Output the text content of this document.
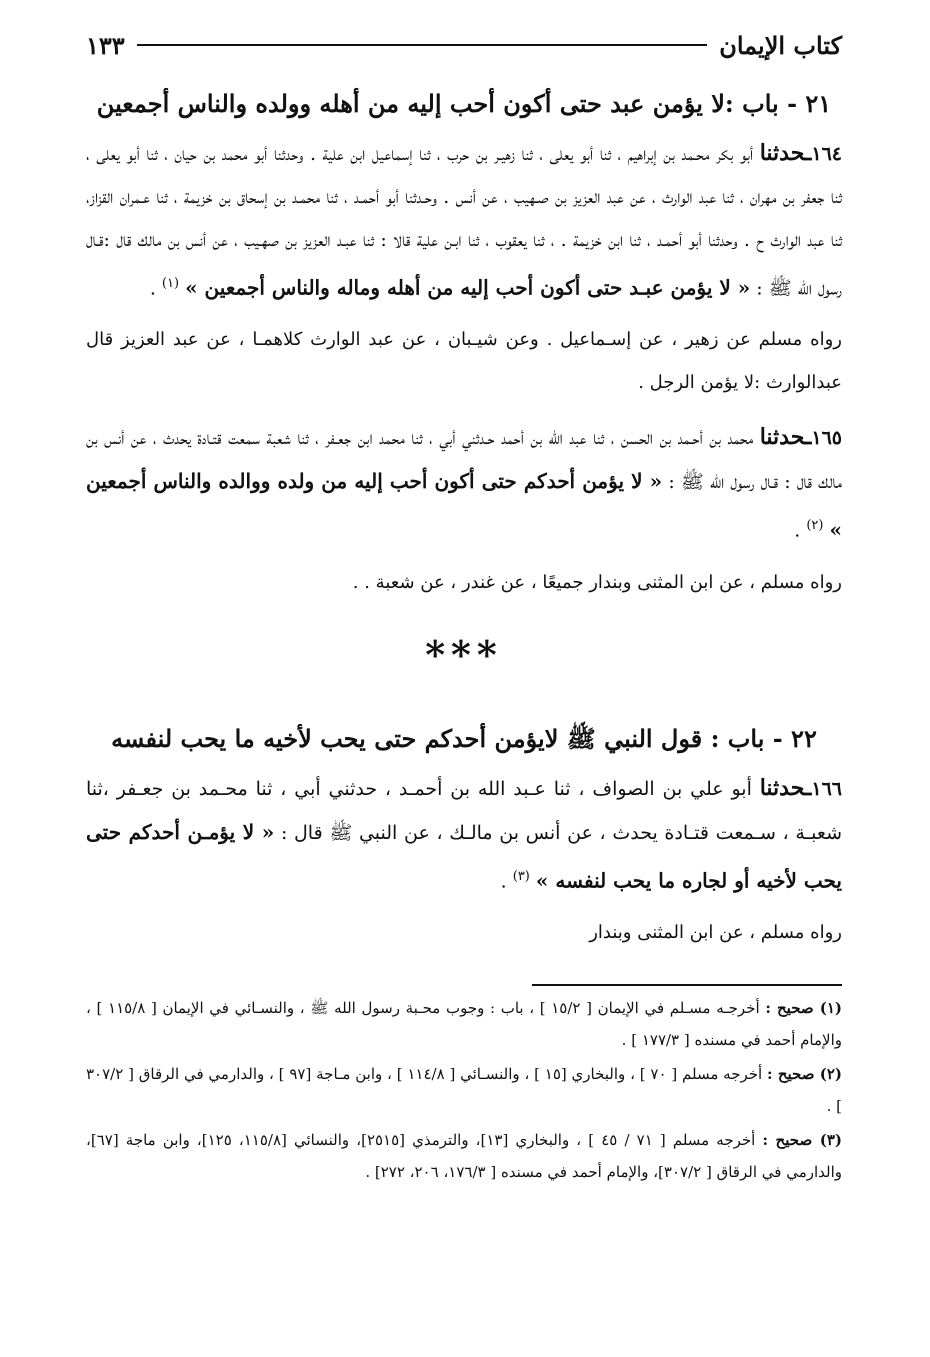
كتاب الإيمان
١٣٣
٢١ - باب :لا يؤمن عبد حتى أكون أحب إليه من أهله وولده والناس أجمعين

١٦٤ـحدثنا أبو بكر محـمد بن إبراهيم ، ثنا أبو يعلى ، ثنا زهيـر بن حرب ، ثنا إسماعيل ابن علية . وحدثنا أبو محمد بن حيان ، ثنا أبو يعلى ، ثنا جعفر بن مهران ، ثنا عبد الوارث ، عن عبد العزيز بن صـهيب ، عن أنس . وحـدثنا أبو أحمـد ، ثنا محمـد بن إسحاق بن خزيمة ، ثنا عـمران القزاز، ثنا عبد الوارث ح . وحدثنا أبو أحمـد ، ثنا ابن خزيمة . ، ثنا يعقوب ، ثنا ابـن علية قالا : ثنا عبـد العزيز بن صهـيب ، عن أنس بن مالك قال :قـال رسول الله ﷺ : « لا يؤمن عبـد حتى أكون أحب إليه من أهله وماله والناس أجمعين » $^{(١)}$ .

رواه مسلم عن زهير ، عن إسـماعيل . وعن شيـبان ، عن عبد الوارث كلاهمـا ، عن عبد العزيز قال عبدالوارث :لا يؤمن الرجل .

١٦٥ـحدثنا محمد بن أحـمد بن الحسن ، ثنا عبد الله بن أحمد حـدثني أبي ، ثنا محمد ابن جعـفر ، ثنا شعبة سمعت قتـادة يحدث ، عن أنس بن مالك قال : قـال رسول الله ﷺ : « لا يؤمن أحدكم حتى أكون أحب إليه من ولده ووالده والناس أجمعين » $^{(٢)}$ .

رواه مسلم ، عن ابن المثنى وبندار جميعًا ، عن غندر ، عن شعبة . .

***
٢٢ - باب : قول النبي ﷺ لايؤمن أحدكم حتى يحب لأخيه ما يحب لنفسه

١٦٦ـحدثنا أبو علي بن الصواف ، ثنا عـبد الله بن أحمـد ، حدثني أبي ، ثنا محـمد بن جعـفر ،ثنا شعبـة ، سـمعت قتـادة يحدث ، عن أنس بن مالـك ، عن النبي ﷺ قال : « لا يؤمـن أحدكم حتى يحب لأخيه أو لجاره ما يحب لنفسه » $^{(٣)}$ .

رواه مسلم ، عن ابن المثنى وبندار

(١) صحيح : أخرجـه مسـلم في الإيمان [ ١٥/٢ ] ، باب : وجوب محـبة رسول الله ﷺ ، والنسـائي في الإيمان [ ١١٥/٨ ] ، والإمام أحمد في مسنده [ ١٧٧/٣ ] .

(٢) صحيح : أخرجه مسلم [ ٧٠ ] ، والبخاري [١٥ ] ، والنسـائي [ ١١٤/٨ ] ، وابن مـاجة [٩٧ ] ، والدارمي في الرقاق [ ٣٠٧/٢ ] .

(٣) صحيح : أخرجه مسلم [ ٧١ / ٤٥ ] ، والبخاري [١٣]، والترمذي [٢٥١٥]، والنسائي [١١٥/٨، ١٢٥]، وابن ماجة [٦٧]، والدارمي في الرقاق [ ٣٠٧/٢]، والإمام أحمد في مسنده [ ١٧٦/٣، ٢٠٦، ٢٧٢] .
